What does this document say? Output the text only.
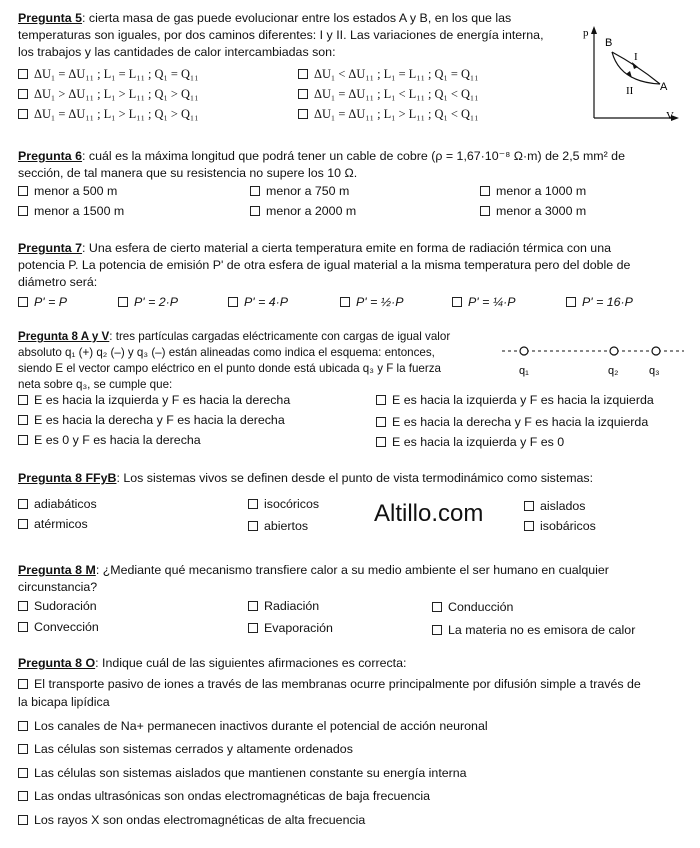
Pregunta 5: cierta masa de gas puede evolucionar entre los estados A y B, en los que las
temperaturas son iguales, por dos caminos diferentes: I y II. Las variaciones de energía interna,
los trabajos y las cantidades de calor intercambiadas son:
ΔU₁ = ΔU₁₁ ; L₁ = L₁₁ ; Q₁ = Q₁₁
ΔU₁ > ΔU₁₁ ; L₁ > L₁₁ ; Q₁ > Q₁₁
ΔU₁ = ΔU₁₁ ; L₁ > L₁₁ ; Q₁ > Q₁₁
ΔU₁ < ΔU₁₁ ; L₁ = L₁₁ ; Q₁ = Q₁₁
ΔU₁ = ΔU₁₁ ; L₁ < L₁₁ ; Q₁ < Q₁₁
ΔU₁ = ΔU₁₁ ; L₁ > L₁₁ ; Q₁ < Q₁₁
p
V
B
A
I
II
Pregunta 6: cuál es la máxima longitud que podrá tener un cable de cobre (ρ = 1,67·10⁻⁸ Ω·m) de 2,5 mm² de
sección, de tal manera que su resistencia no supere los 10 Ω.
menor a 500 m	menor a 750 m	menor a 1000 m
menor a 1500 m	menor a 2000 m	menor a 3000 m
Pregunta 7: Una esfera de cierto material a cierta temperatura emite en forma de radiación térmica con una
potencia P. La potencia de emisión P' de otra esfera de igual material a la misma temperatura pero del doble de
diámetro será:
P' = P	P' = 2·P	P' = 4·P	P' = ½·P	P' = ¼·P	P' = 16·P
Pregunta 8 A y V: tres partículas cargadas eléctricamente con cargas de igual valor
absoluto q₁ (+) q₂ (–) y q₃ (–) están alineadas como indica el esquema: entonces,
siendo E el vector campo eléctrico en el punto donde está ubicada q₃ y F la fuerza
neta sobre q₃, se cumple que:
q₁	q₂	q₃
E es hacia la izquierda y F es hacia la derecha
E es hacia la derecha y F es hacia la derecha
E es 0 y F es hacia la derecha
E es hacia la izquierda y F es hacia la izquierda
E es hacia la derecha y F es hacia la izquierda
E es hacia la izquierda y F es 0
Pregunta 8 FFyB: Los sistemas vivos se definen desde el punto de vista termodinámico como sistemas:
adiabáticos
atérmicos
isocóricos
abiertos
aislados
isobáricos
Altillo.com
Pregunta 8 M: ¿Mediante qué mecanismo transfiere calor a su medio ambiente el ser humano en cualquier
circunstancia?
Sudoración
Convección
Radiación
Evaporación
Conducción
La materia no es emisora de calor
Pregunta 8 O: Indique cuál de las siguientes afirmaciones es correcta:
El transporte pasivo de iones a través de las membranas ocurre principalmente por difusión simple a través de
la bicapa lipídica
Los canales de Na+ permanecen inactivos durante el potencial de acción neuronal
Las células son sistemas cerrados y altamente ordenados
Las células son sistemas aislados que mantienen constante su energía interna
Las ondas ultrasónicas son ondas electromagnéticas de baja frecuencia
Los rayos X son ondas electromagnéticas de alta frecuencia
